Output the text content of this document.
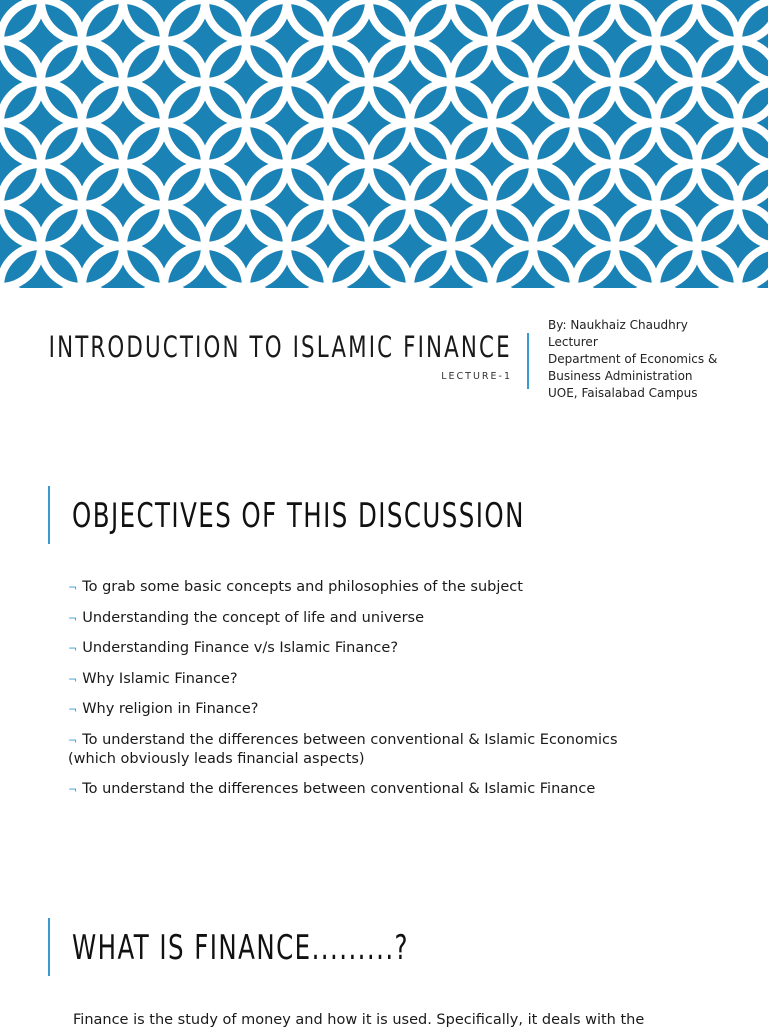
INTRODUCTION TO ISLAMIC FINANCE
LECTURE-1
By: Naukhaiz Chaudhry
Lecturer
Department of Economics &
Business Administration
UOE, Faisalabad Campus
OBJECTIVES OF THIS DISCUSSION
¬ To grab some basic concepts and philosophies of the subject
¬ Understanding the concept of life and universe
¬ Understanding Finance v/s Islamic Finance?
¬ Why Islamic Finance?
¬ Why religion in Finance?
¬ To understand the differences between conventional & Islamic Economics (which obviously leads financial aspects)
¬ To understand the differences between conventional & Islamic Finance
WHAT IS FINANCE.........?
Finance is the study of money and how it is used. Specifically, it deals with the
